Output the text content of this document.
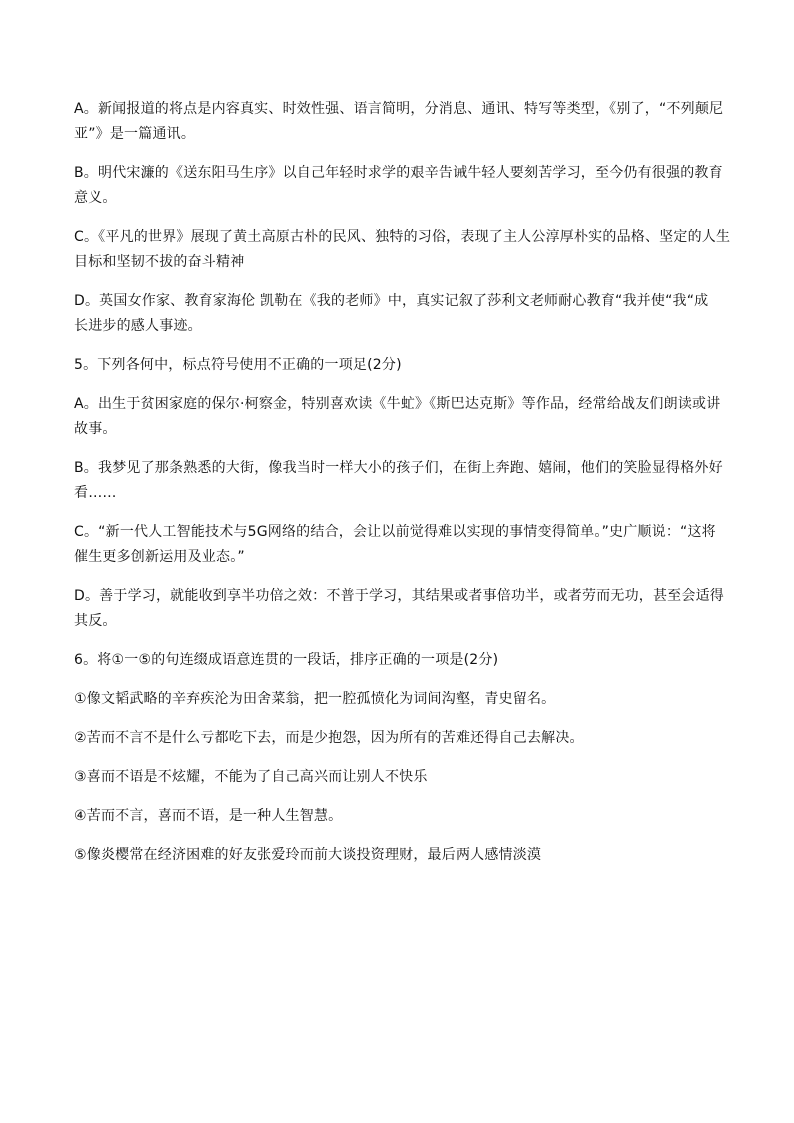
A。新闻报道的将点是内容真实、时效性强、语言简明，分消息、通讯、特写等类型，《别了，“不列颠尼
亚”》是一篇通讯。
B。明代宋濂的《送东阳马生序》以自己年轻时求学的艰辛告诫牛轻人要刻苦学习，至今仍有很强的教育
意义。
C。《平凡的世界》展现了黄土高原古朴的民风、独特的习俗，表现了主人公淳厚朴实的品格、坚定的人生
目标和坚韧不拔的奋斗精神
D。英国女作家、教育家海伦 凯勒在《我的老师》中，真实记叙了莎利文老师耐心教育“我并使“我“成
长进步的感人事迹。
5。下列各何中，标点符号使用不正确的一项足(2分)
A。出生于贫困家庭的保尔·柯察金，特别喜欢读《牛虻》《斯巴达克斯》等作品，经常给战友们朗读或讲
故事。
B。我梦见了那条熟悉的大街，像我当时一样大小的孩子们，在街上奔跑、嬉闹，他们的笑脸显得格外好
看……
C。“新一代人工智能技术与5G网络的结合，会让以前觉得难以实现的事情变得简单。”史广顺说：“这将
催生更多创新运用及业态。”
D。善于学习，就能收到享半功倍之效：不普于学习，其结果或者事倍功半，或者劳而无功，甚至会适得
其反。
6。将①一⑤的句连缀成语意连贯的一段话，排序正确的一项是(2分)
①像文韬武略的辛弃疾沦为田舍菜翁，把一腔孤愤化为词间沟壑，青史留名。
②苦而不言不是什么亏都吃下去，而是少抱怨，因为所有的苦难还得自己去解决。
③喜而不语是不炫耀，不能为了自己高兴而让别人不快乐
④苦而不言，喜而不语，是一种人生智慧。
⑤像炎樱常在经济困难的好友张爱玲而前大谈投资理财，最后两人感情淡漠
